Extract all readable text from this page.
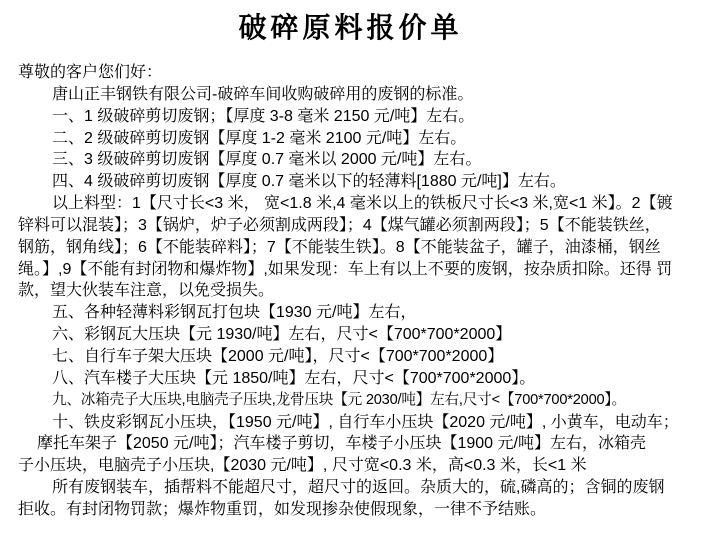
破碎原料报价单
尊敬的客户您们好：
唐山正丰钢铁有限公司-破碎车间收购破碎用的废钢的标准。
一、1 级破碎剪切废钢；【厚度 3-8 毫米 2150 元/吨】左右。
二、2 级破碎剪切废钢【厚度 1-2 毫米 2100 元/吨】左右。
三、3 级破碎剪切废钢【厚度 0.7 毫米以 2000 元/吨】左右。
四、4 级破碎剪切废钢【厚度 0.7 毫米以下的轻薄料[1880 元/吨]】左右。
以上料型：1【尺寸长<3 米， 宽<1.8 米,4 毫米以上的铁板尺寸长<3 米,宽<1 米】。2【镀
锌料可以混装】；3【锅炉，炉子必须割成两段】；4【煤气罐必须割两段】；5【不能装铁丝，
钢筋，钢角线】；6【不能装碎料】；7【不能装生铁】。8【不能装盆子，罐子，油漆桶，钢丝
绳。】,9【不能有封闭物和爆炸物】,如果发现：车上有以上不要的废钢，按杂质扣除。还得 罚
款，望大伙装车注意，以免受损失。
五、各种轻薄料彩钢瓦打包块【1930 元/吨】左右，
六、彩钢瓦大压块【元 1930/吨】左右，尺寸<【700*700*2000】
七、自行车子架大压块【2000 元/吨】，尺寸<【700*700*2000】
八、汽车楼子大压块【元 1850/吨】左右，尺寸<【700*700*2000】。
九、冰箱壳子大压块,电脑壳子压块,龙骨压块【元 2030/吨】左右,尺寸<【700*700*2000】。
十、铁皮彩钢瓦小压块，【1950 元/吨】, 自行车小压块【2020 元/吨】, 小黄车，电动车；
摩托车架子【2050 元/吨】；汽车楼子剪切，车楼子小压块【1900 元/吨】左右，冰箱壳
子小压块，电脑壳子小压块,【2030 元/吨】, 尺寸宽<0.3 米，高<0.3 米，长<1 米
所有废钢装车，插帮料不能超尺寸，超尺寸的返回。杂质大的，硫,磷高的；含铜的废钢
拒收。有封闭物罚款；爆炸物重罚，如发现掺杂使假现象，一律不予结账。
